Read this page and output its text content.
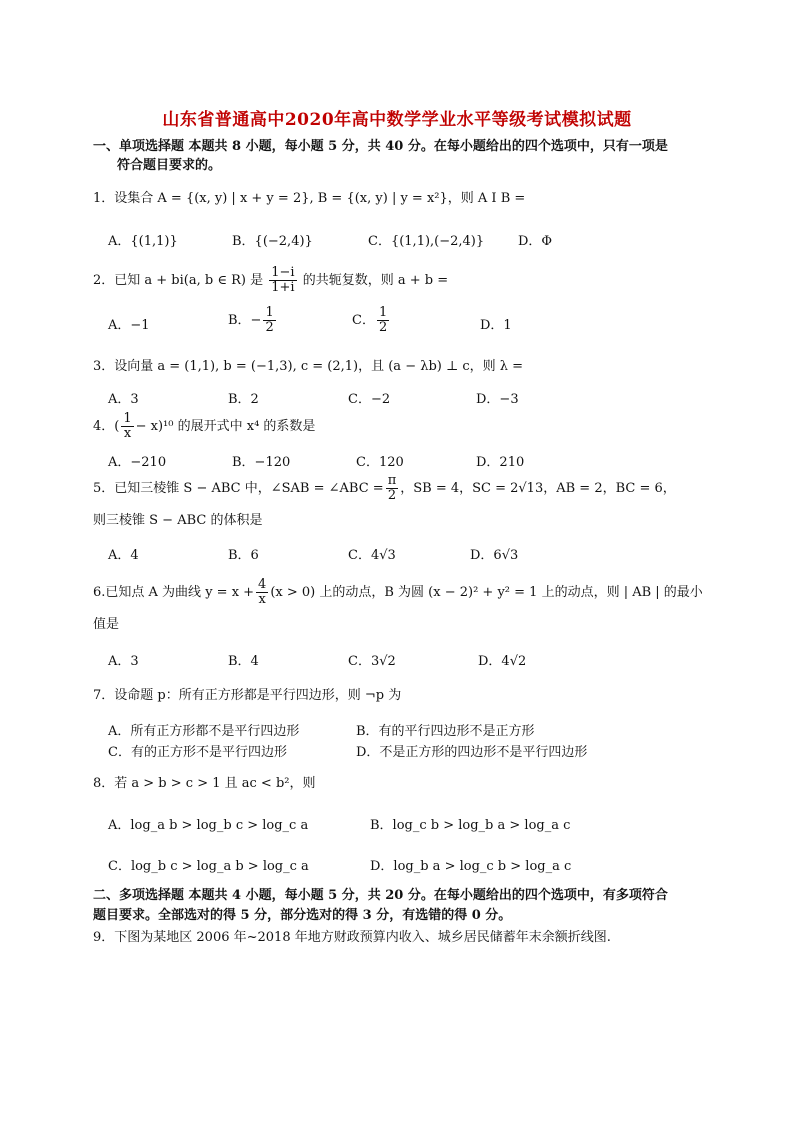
山东省普通高中2020年高中数学学业水平等级考试模拟试题
一、单项选择题 本题共 8 小题，每小题 5 分，共 40 分。在每小题给出的四个选项中，只有一项是
符合题目要求的。
1．设集合 A = {(x, y) | x + y = 2}, B = {(x, y) | y = x²}，则 A I B =
A．{(1,1)}	B．{(−2,4)}	C．{(1,1),(−2,4)}	D．Φ
2．已知 a + bi(a, b ∈ R) 是 $\frac{1-i}{1+i}$ 的共轭复数，则 a + b =
A．−1	B．− $\frac{1}{2}$	C． $\frac{1}{2}$	D．1
3．设向量 a = (1,1), b = (−1,3), c = (2,1)，且 (a − λb) ⊥ c，则 λ =
A．3	B．2	C．−2	D．−3
4．( $\frac{1}{x} - x)^{10}$ 的展开式中 x⁴ 的系数是
A．−210	B．−120	C．120	D．210
5．已知三棱锥 S − ABC 中，∠SAB = ∠ABC = $\frac{\pi}{2}$ ，SB = 4，SC = 2√13，AB = 2，BC = 6，
则三棱锥 S − ABC 的体积是
A．4	B．6	C．4√3	D．6√3
6.已知点 A 为曲线 $y = x + \frac{4}{x} (x > 0)$ 上的动点，B 为圆 (x − 2)² + y² = 1 上的动点，则 | AB | 的最小
值是
A．3	B．4	C．3√2	D．4√2
7．设命题 p：所有正方形都是平行四边形，则 ¬p 为
A．所有正方形都不是平行四边形	B．有的平行四边形不是正方形
C．有的正方形不是平行四边形	D．不是正方形的四边形不是平行四边形
8．若 a > b > c > 1 且 ac < b²，则
A．log_a b > log_b c > log_c a	B．log_c b > log_b a > log_a c
C．log_b c > log_a b > log_c a	D．log_b a > log_c b > log_a c
二、多项选择题 本题共 4 小题，每小题 5 分，共 20 分。在每小题给出的四个选项中，有多项符合
题目要求。全部选对的得 5 分，部分选对的得 3 分，有选错的得 0 分。
9．下图为某地区 2006 年~2018 年地方财政预算内收入、城乡居民储蓄年末余额折线图.
